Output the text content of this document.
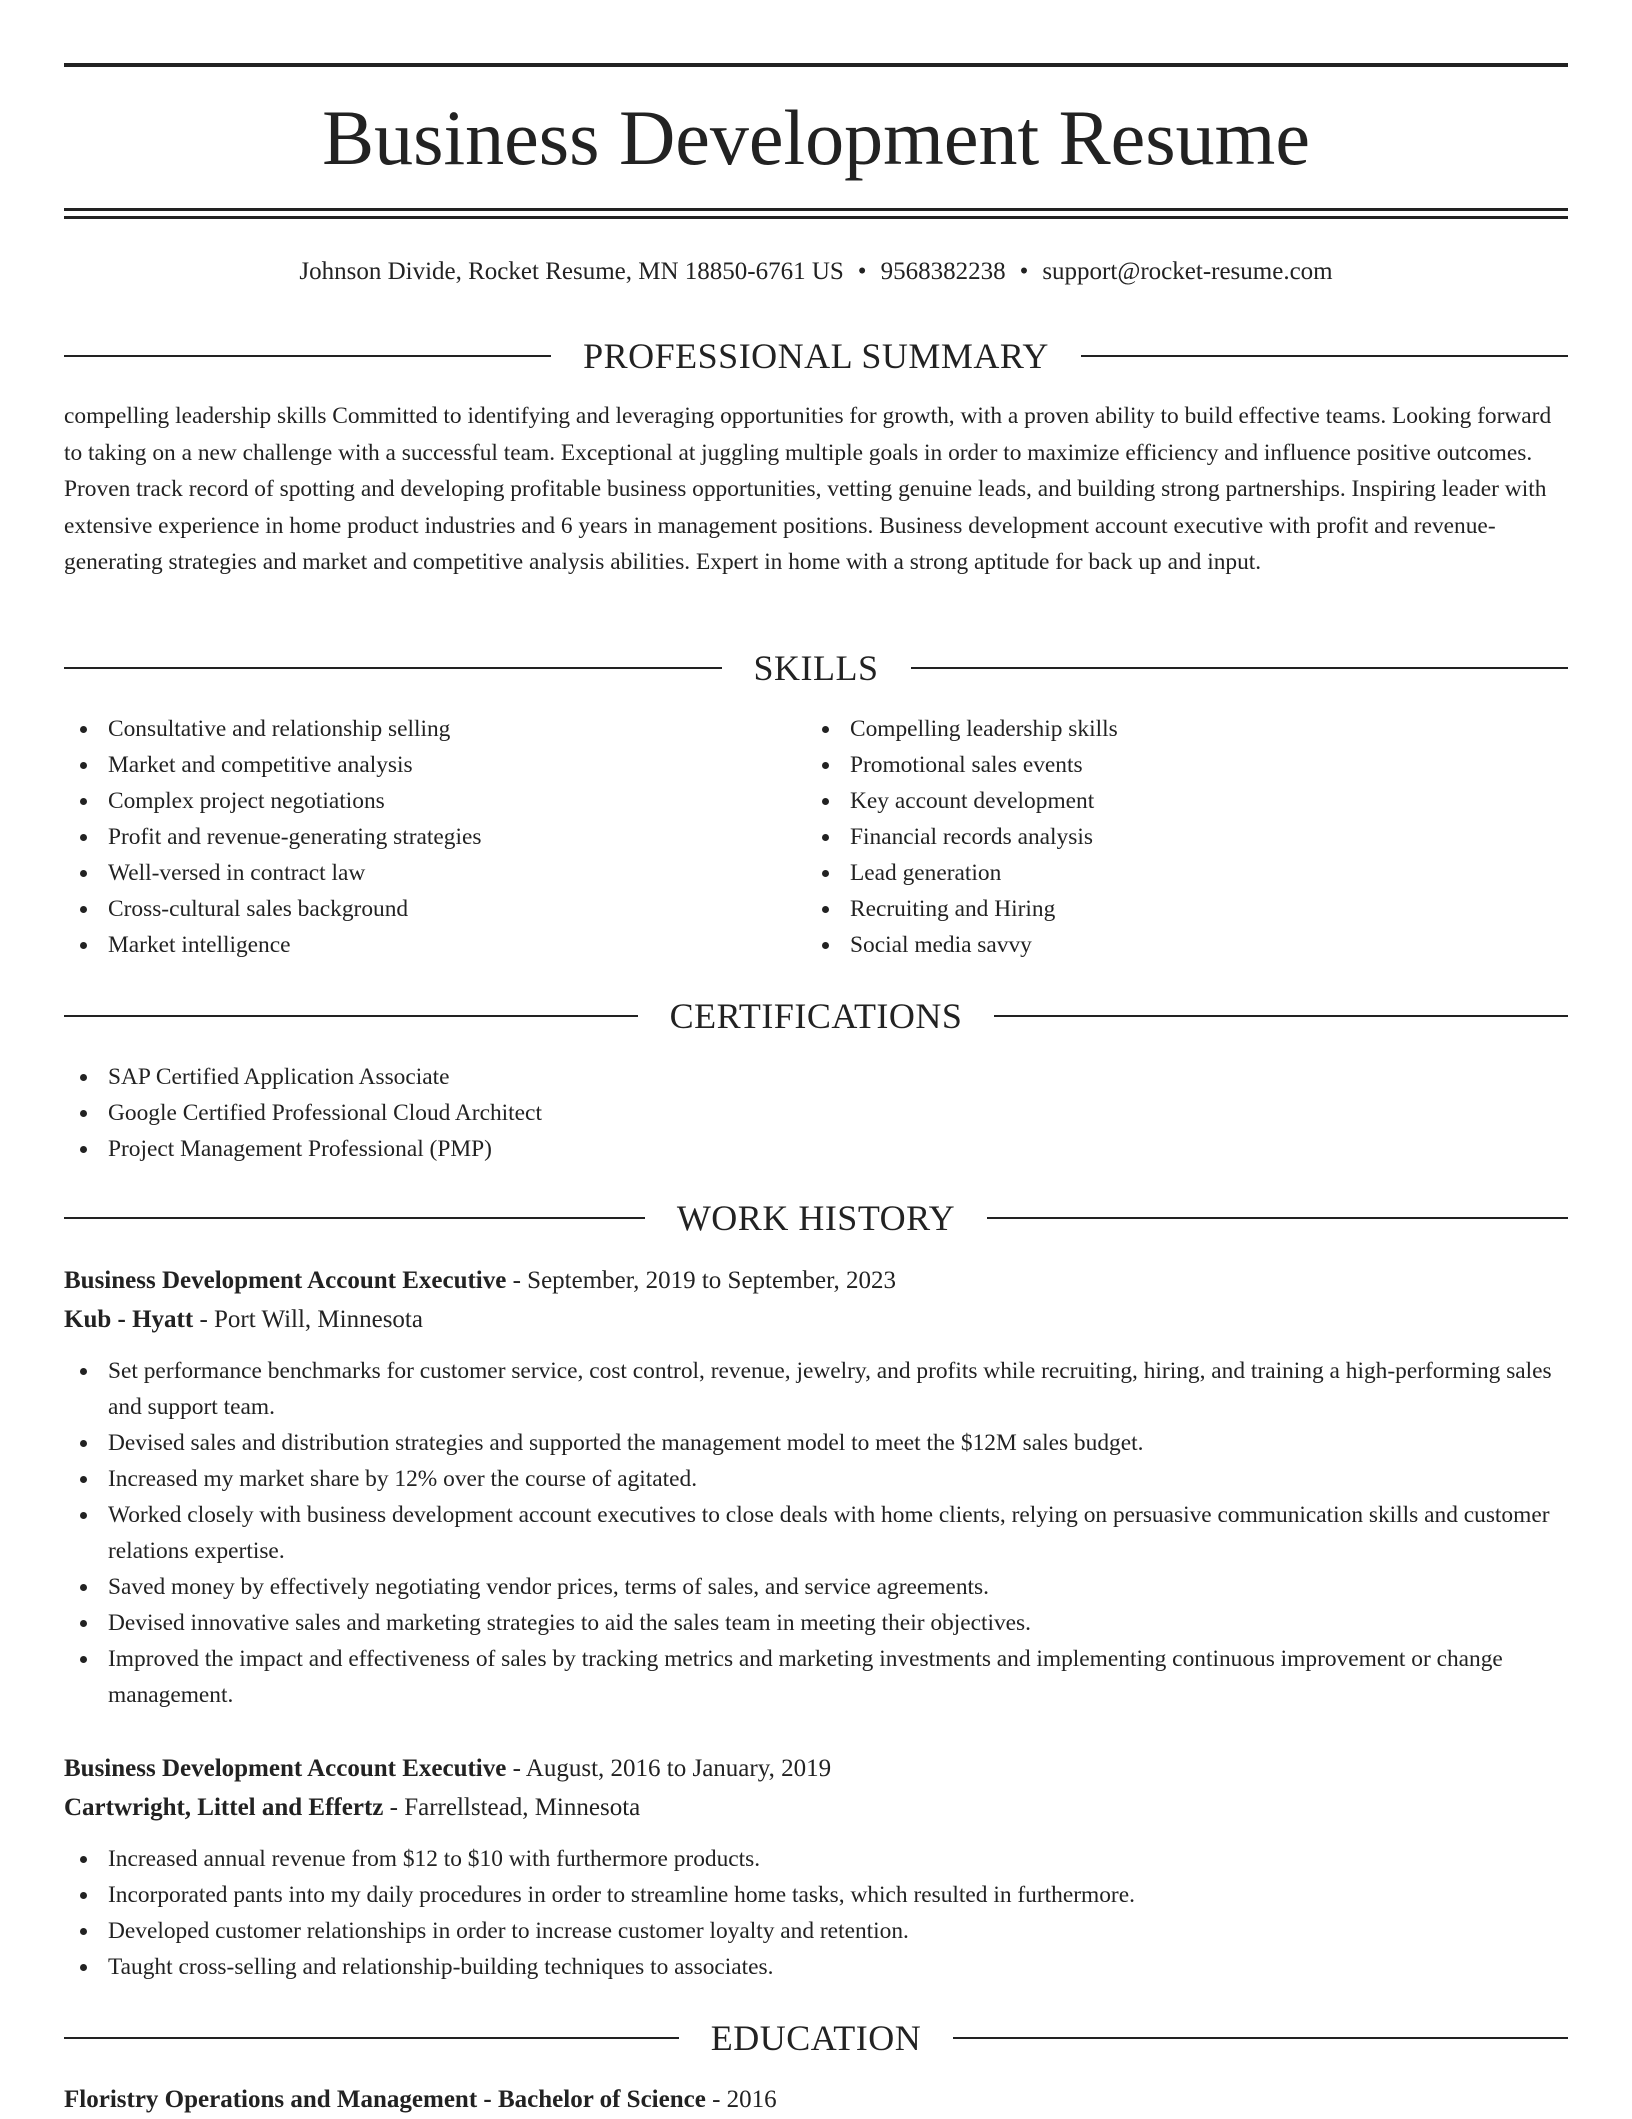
Business Development Resume
Johnson Divide, Rocket Resume, MN 18850-6761 US • 9568382238 • support@rocket-resume.com
PROFESSIONAL SUMMARY

compelling leadership skills Committed to identifying and leveraging opportunities for growth, with a proven ability to build effective teams. Looking forward to taking on a new challenge with a successful team. Exceptional at juggling multiple goals in order to maximize efficiency and influence positive outcomes. Proven track record of spotting and developing profitable business opportunities, vetting genuine leads, and building strong partnerships. Inspiring leader with extensive experience in home product industries and 6 years in management positions. Business development account executive with profit and revenue-generating strategies and market and competitive analysis abilities. Expert in home with a strong aptitude for back up and input.

SKILLS
Consultative and relationship selling
Market and competitive analysis
Complex project negotiations
Profit and revenue-generating strategies
Well-versed in contract law
Cross-cultural sales background
Market intelligence
Compelling leadership skills
Promotional sales events
Key account development
Financial records analysis
Lead generation
Recruiting and Hiring
Social media savvy
CERTIFICATIONS
SAP Certified Application Associate
Google Certified Professional Cloud Architect
Project Management Professional (PMP)
WORK HISTORY
Business Development Account Executive - September, 2019 to September, 2023
Kub - Hyatt - Port Will, Minnesota
Set performance benchmarks for customer service, cost control, revenue, jewelry, and profits while recruiting, hiring, and training a high-performing sales and support team.
Devised sales and distribution strategies and supported the management model to meet the $12M sales budget.
Increased my market share by 12% over the course of agitated.
Worked closely with business development account executives to close deals with home clients, relying on persuasive communication skills and customer relations expertise.
Saved money by effectively negotiating vendor prices, terms of sales, and service agreements.
Devised innovative sales and marketing strategies to aid the sales team in meeting their objectives.
Improved the impact and effectiveness of sales by tracking metrics and marketing investments and implementing continuous improvement or change management.
Business Development Account Executive - August, 2016 to January, 2019
Cartwright, Littel and Effertz - Farrellstead, Minnesota
Increased annual revenue from $12 to $10 with furthermore products.
Incorporated pants into my daily procedures in order to streamline home tasks, which resulted in furthermore.
Developed customer relationships in order to increase customer loyalty and retention.
Taught cross-selling and relationship-building techniques to associates.
EDUCATION
Floristry Operations and Management - Bachelor of Science - 2016
